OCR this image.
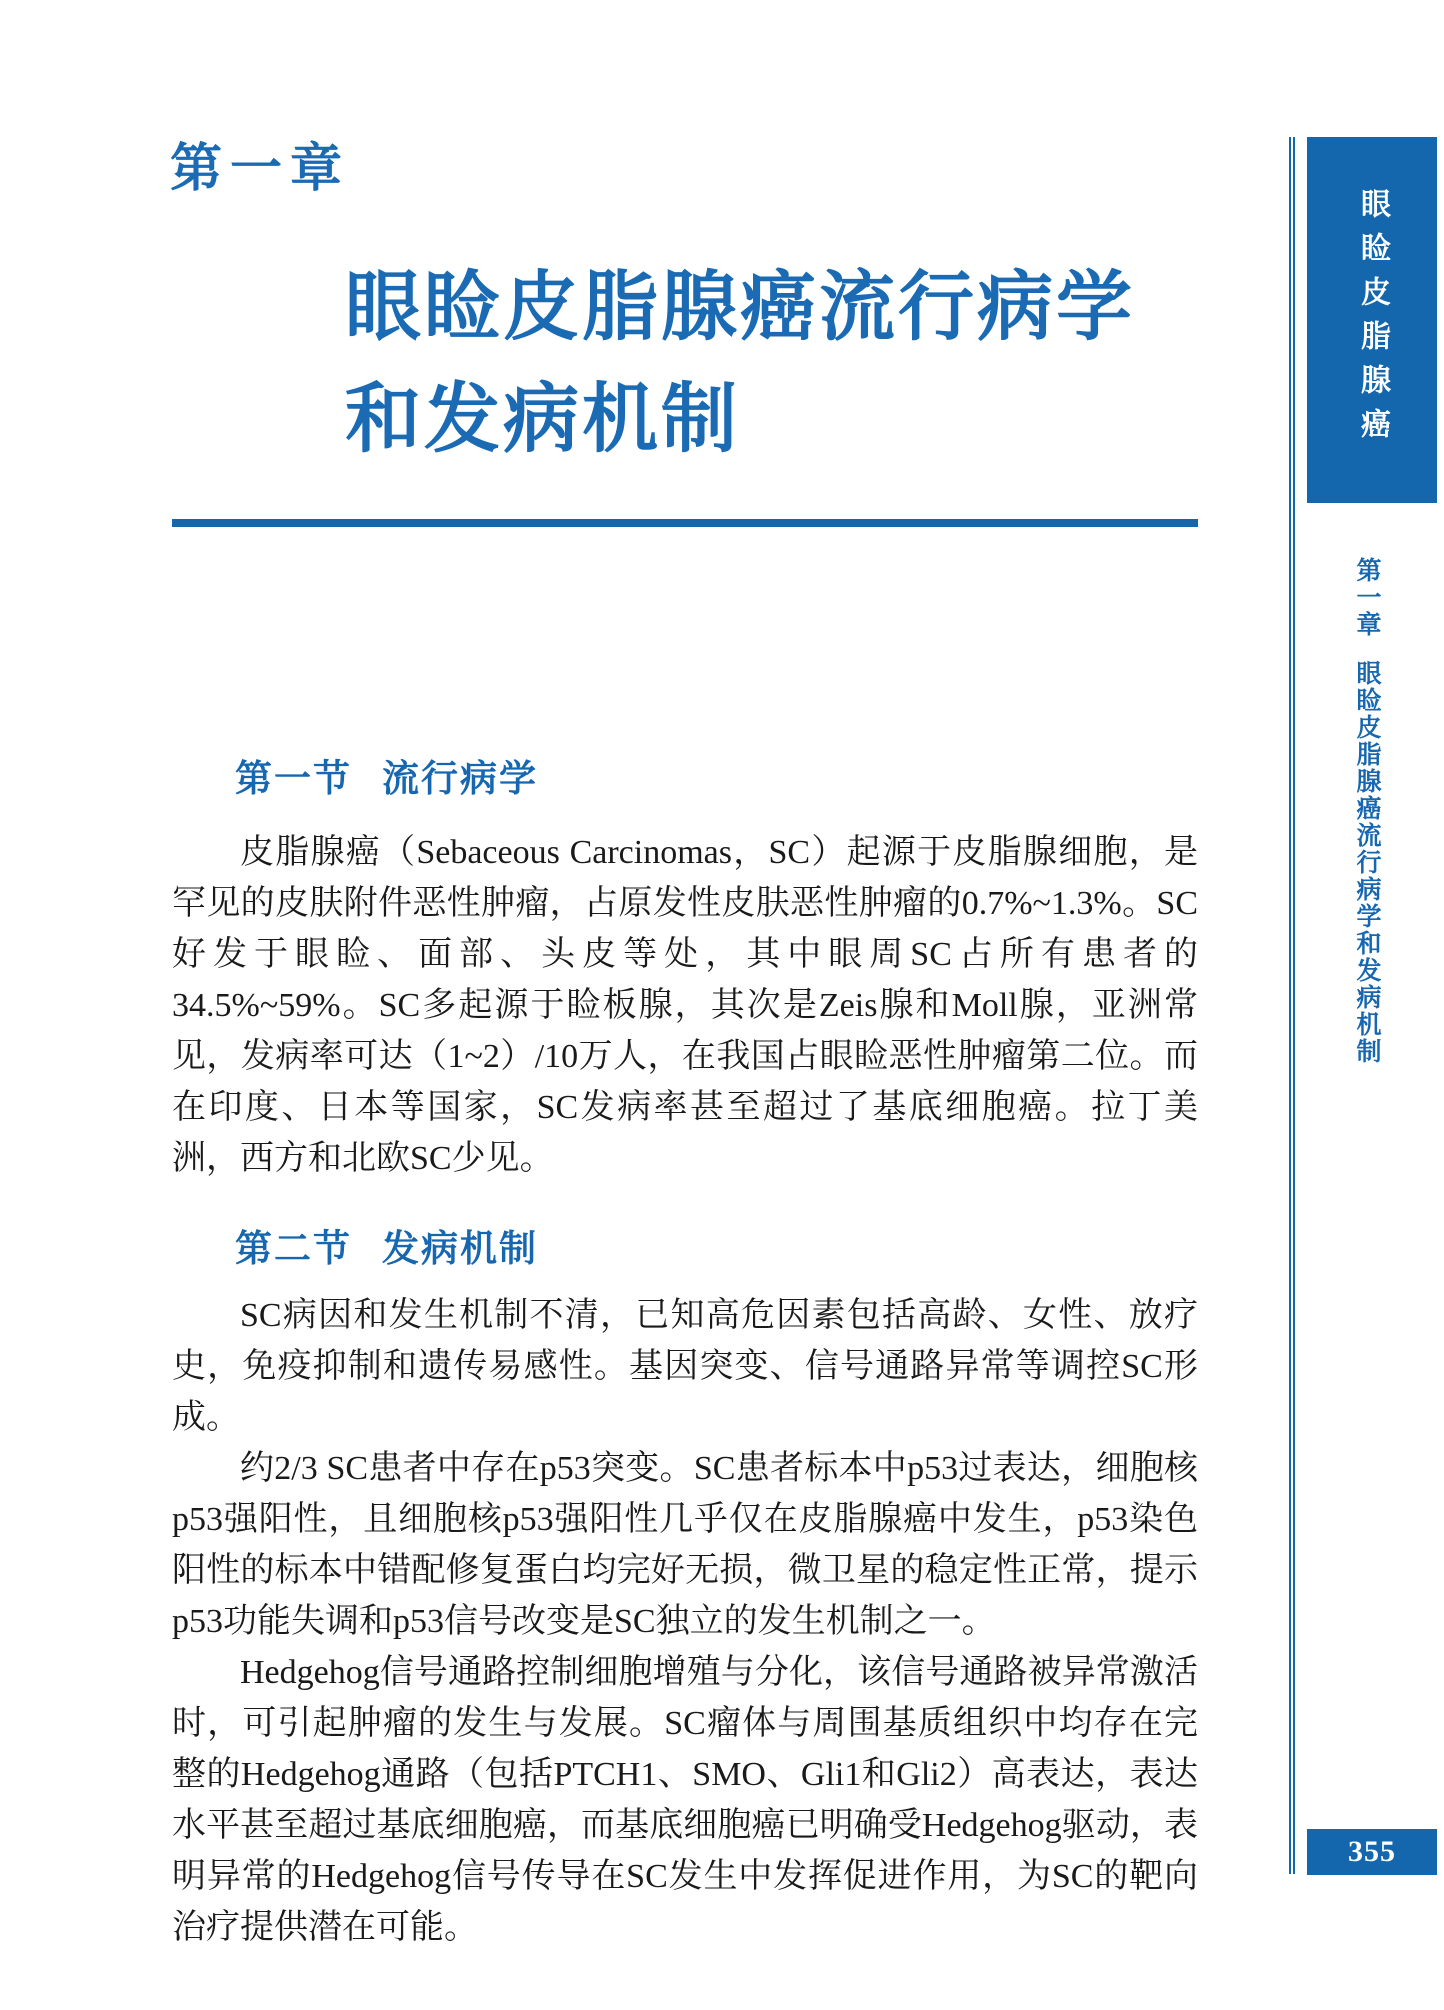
第一章
眼睑皮脂腺癌流行病学
和发病机制
第一节 流行病学

皮脂腺癌（Sebaceous Carcinomas，SC）起源于皮脂腺细胞，是罕见的皮肤附件恶性肿瘤，占原发性皮肤恶性肿瘤的0.7%~1.3%。SC好发于眼睑、面部、头皮等处，其中眼周SC占所有患者的34.5%~59%。SC多起源于睑板腺，其次是Zeis腺和Moll腺，亚洲常见，发病率可达（1~2）/10万人，在我国占眼睑恶性肿瘤第二位。而在印度、日本等国家，SC发病率甚至超过了基底细胞癌。拉丁美洲，西方和北欧SC少见。

第二节 发病机制

SC病因和发生机制不清，已知高危因素包括高龄、女性、放疗史，免疫抑制和遗传易感性。基因突变、信号通路异常等调控SC形成。

约2/3 SC患者中存在p53突变。SC患者标本中p53过表达，细胞核p53强阳性，且细胞核p53强阳性几乎仅在皮脂腺癌中发生，p53染色阳性的标本中错配修复蛋白均完好无损，微卫星的稳定性正常，提示p53功能失调和p53信号改变是SC独立的发生机制之一。

Hedgehog信号通路控制细胞增殖与分化，该信号通路被异常激活时，可引起肿瘤的发生与发展。SC瘤体与周围基质组织中均存在完整的Hedgehog通路（包括PTCH1、SMO、Gli1和Gli2）高表达，表达水平甚至超过基底细胞癌，而基底细胞癌已明确受Hedgehog驱动，表明异常的Hedgehog信号传导在SC发生中发挥促进作用，为SC的靶向治疗提供潜在可能。

眼睑皮脂腺癌
第一章眼睑皮脂腺癌流行病学和发病机制
355
